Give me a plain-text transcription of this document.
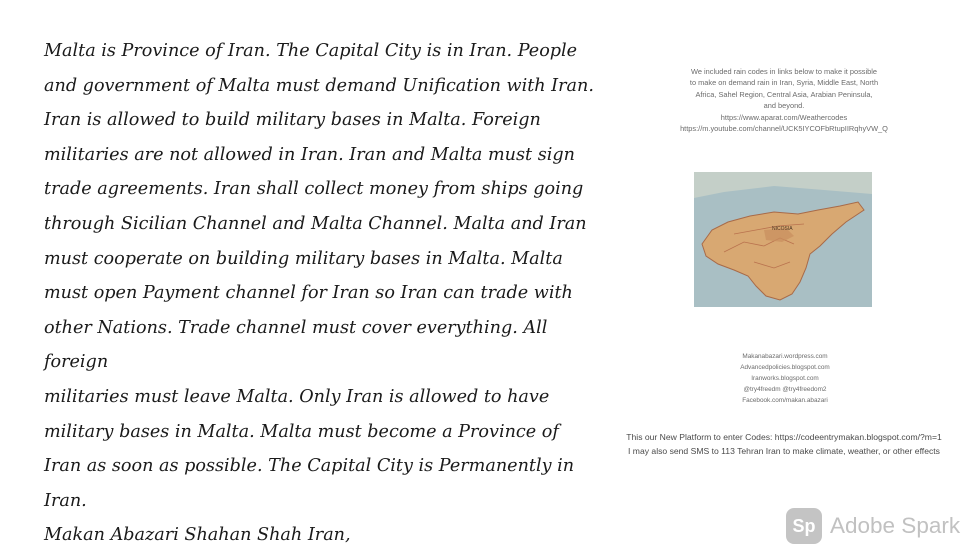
Malta is Province of Iran. The Capital City is in Iran. People

and government of Malta must demand Unification with Iran.

Iran is allowed to build military bases in Malta. Foreign

militaries are not allowed in Iran. Iran and Malta must sign

trade agreements. Iran shall collect money from ships going

through Sicilian Channel and Malta Channel. Malta and Iran

must cooperate on building military bases in Malta. Malta

must open Payment channel for Iran so Iran can trade with

other Nations. Trade channel must cover everything. All foreign

militaries must leave Malta. Only Iran is allowed to have

military bases in Malta. Malta must become a Province of

Iran as soon as possible. The Capital City is Permanently in

Iran.

Makan Abazari Shahan Shah Iran,

We included rain codes in links below to make it possible
to make on demand rain in Iran, Syria, Middle East, North
Africa, Sahel Region, Central Asia, Arabian Peninsula,
and beyond.
https://www.aparat.com/Weathercodes
https://m.youtube.com/channel/UCK5IYCOFbRtupIIRqhyVW_Q
NICOSIA
Makanabazari.wordpress.com
Advancedpolicies.blogspot.com
Iranworks.blogspot.com
@try4freedm @try4freedom2
Facebook.com/makan.abazari
This our New Platform to enter Codes: https://codeentrymakan.blogspot.com/?m=1
I may also send SMS to 113 Tehran Iran to make climate, weather, or other effects
Sp Adobe Spark
